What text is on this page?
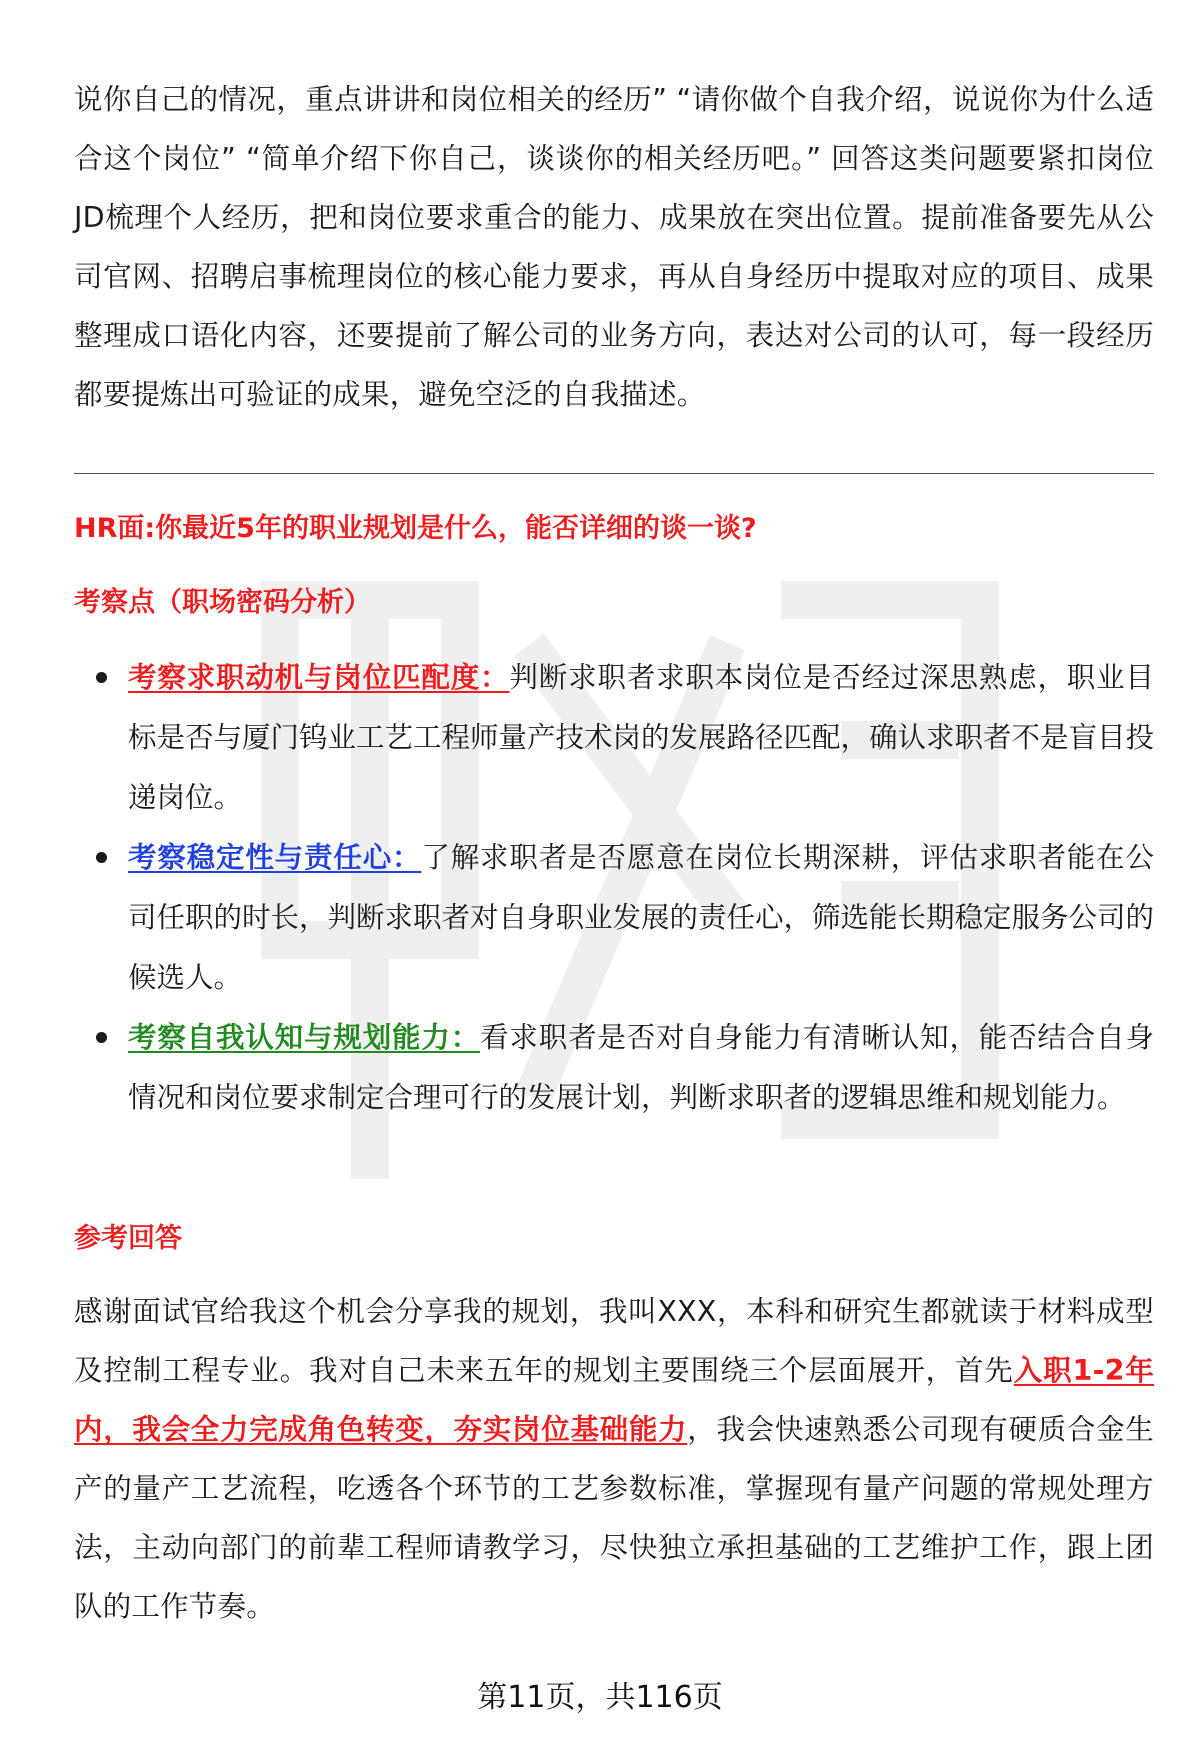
说你自己的情况，重点讲讲和岗位相关的经历” “请你做个自我介绍，说说你为什么适合这个岗位” “简单介绍下你自己，谈谈你的相关经历吧。” 回答这类问题要紧扣岗位JD梳理个人经历，把和岗位要求重合的能力、成果放在突出位置。提前准备要先从公司官网、招聘启事梳理岗位的核心能力要求，再从自身经历中提取对应的项目、成果整理成口语化内容，还要提前了解公司的业务方向，表达对公司的认可，每一段经历都要提炼出可验证的成果，避免空泛的自我描述。

HR面:你最近5年的职业规划是什么，能否详细的谈一谈?

考察点（职场密码分析）

考察求职动机与岗位匹配度：判断求职者求职本岗位是否经过深思熟虑，职业目标是否与厦门钨业工艺工程师量产技术岗的发展路径匹配，确认求职者不是盲目投递岗位。
考察稳定性与责任心：了解求职者是否愿意在岗位长期深耕，评估求职者能在公司任职的时长，判断求职者对自身职业发展的责任心，筛选能长期稳定服务公司的候选人。
考察自我认知与规划能力：看求职者是否对自身能力有清晰认知，能否结合自身情况和岗位要求制定合理可行的发展计划，判断求职者的逻辑思维和规划能力。

参考回答

感谢面试官给我这个机会分享我的规划，我叫XXX，本科和研究生都就读于材料成型及控制工程专业。我对自己未来五年的规划主要围绕三个层面展开，首先入职1-2年内，我会全力完成角色转变，夯实岗位基础能力，我会快速熟悉公司现有硬质合金生产的量产工艺流程，吃透各个环节的工艺参数标准，掌握现有量产问题的常规处理方法，主动向部门的前辈工程师请教学习，尽快独立承担基础的工艺维护工作，跟上团队的工作节奏。

第11页，共116页
